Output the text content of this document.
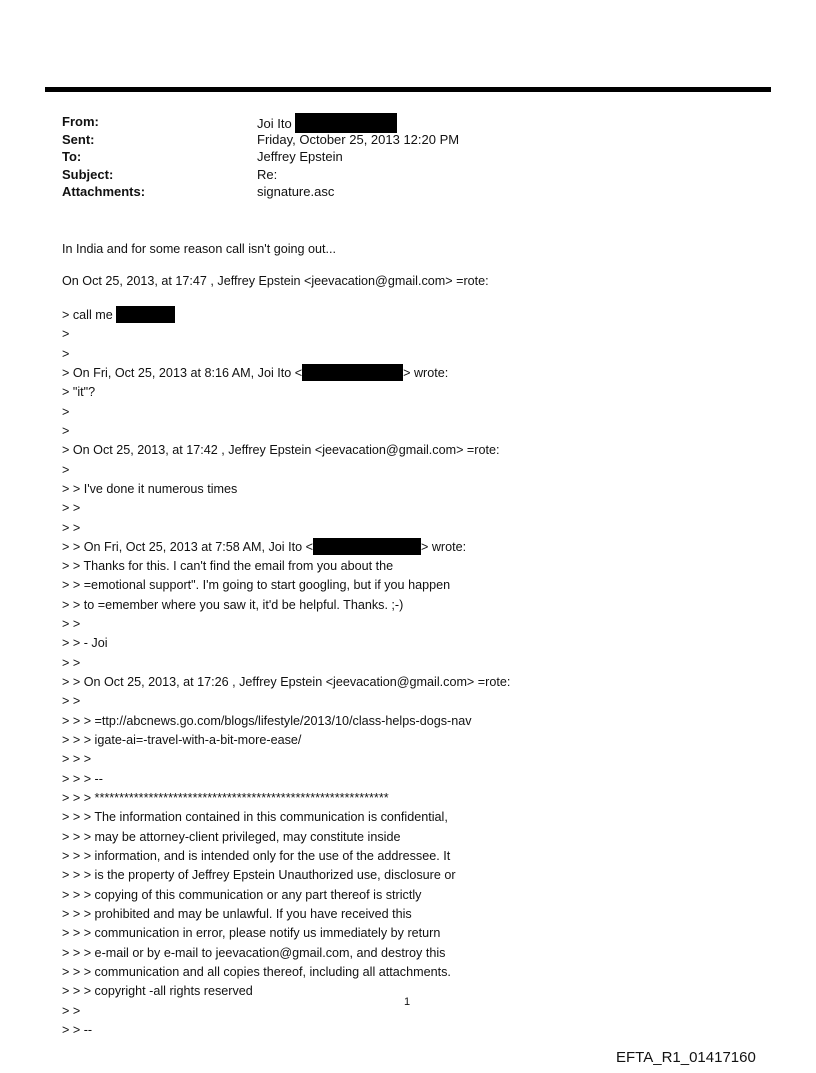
From:	Joi Ito
Sent:	Friday, October 25, 2013 12:20 PM
To:	Jeffrey Epstein
Subject:	Re:
Attachments:	signature.asc
In India and for some reason call isn't going out...
On Oct 25, 2013, at 17:47 , Jeffrey Epstein <jeevacation@gmail.com> =rote:
> call me
>
>
> On Fri, Oct 25, 2013 at 8:16 AM, Joi Ito <	> wrote:
> "it"?
>
>
> On Oct 25, 2013, at 17:42 , Jeffrey Epstein <jeevacation@gmail.com> =rote:
>
> > I've done it numerous times
> >
> >
> > On Fri, Oct 25, 2013 at 7:58 AM, Joi Ito <	> wrote:
> > Thanks for this. I can't find the email from you about the
> > =emotional support". I'm going to start googling, but if you happen
> > to =emember where you saw it, it'd be helpful. Thanks. ;-)
> >
> > - Joi
> >
> > On Oct 25, 2013, at 17:26 , Jeffrey Epstein <jeevacation@gmail.com> =rote:
> >
> > > =ttp://abcnews.go.com/blogs/lifestyle/2013/10/class-helps-dogs-nav
> > > igate-ai=-travel-with-a-bit-more-ease/
> > >
> > > --
> > > ************************************************************
> > > The information contained in this communication is confidential,
> > > may be attorney-client privileged, may constitute inside
> > > information, and is intended only for the use of the addressee. It
> > > is the property of Jeffrey Epstein Unauthorized use, disclosure or
> > > copying of this communication or any part thereof is strictly
> > > prohibited and may be unlawful. If you have received this
> > > communication in error, please notify us immediately by return
> > > e-mail or by e-mail to jeevacation@gmail.com, and destroy this
> > > communication and all copies thereof, including all attachments.
> > > copyright -all rights reserved
> >
> > --
1
EFTA_R1_01417160
